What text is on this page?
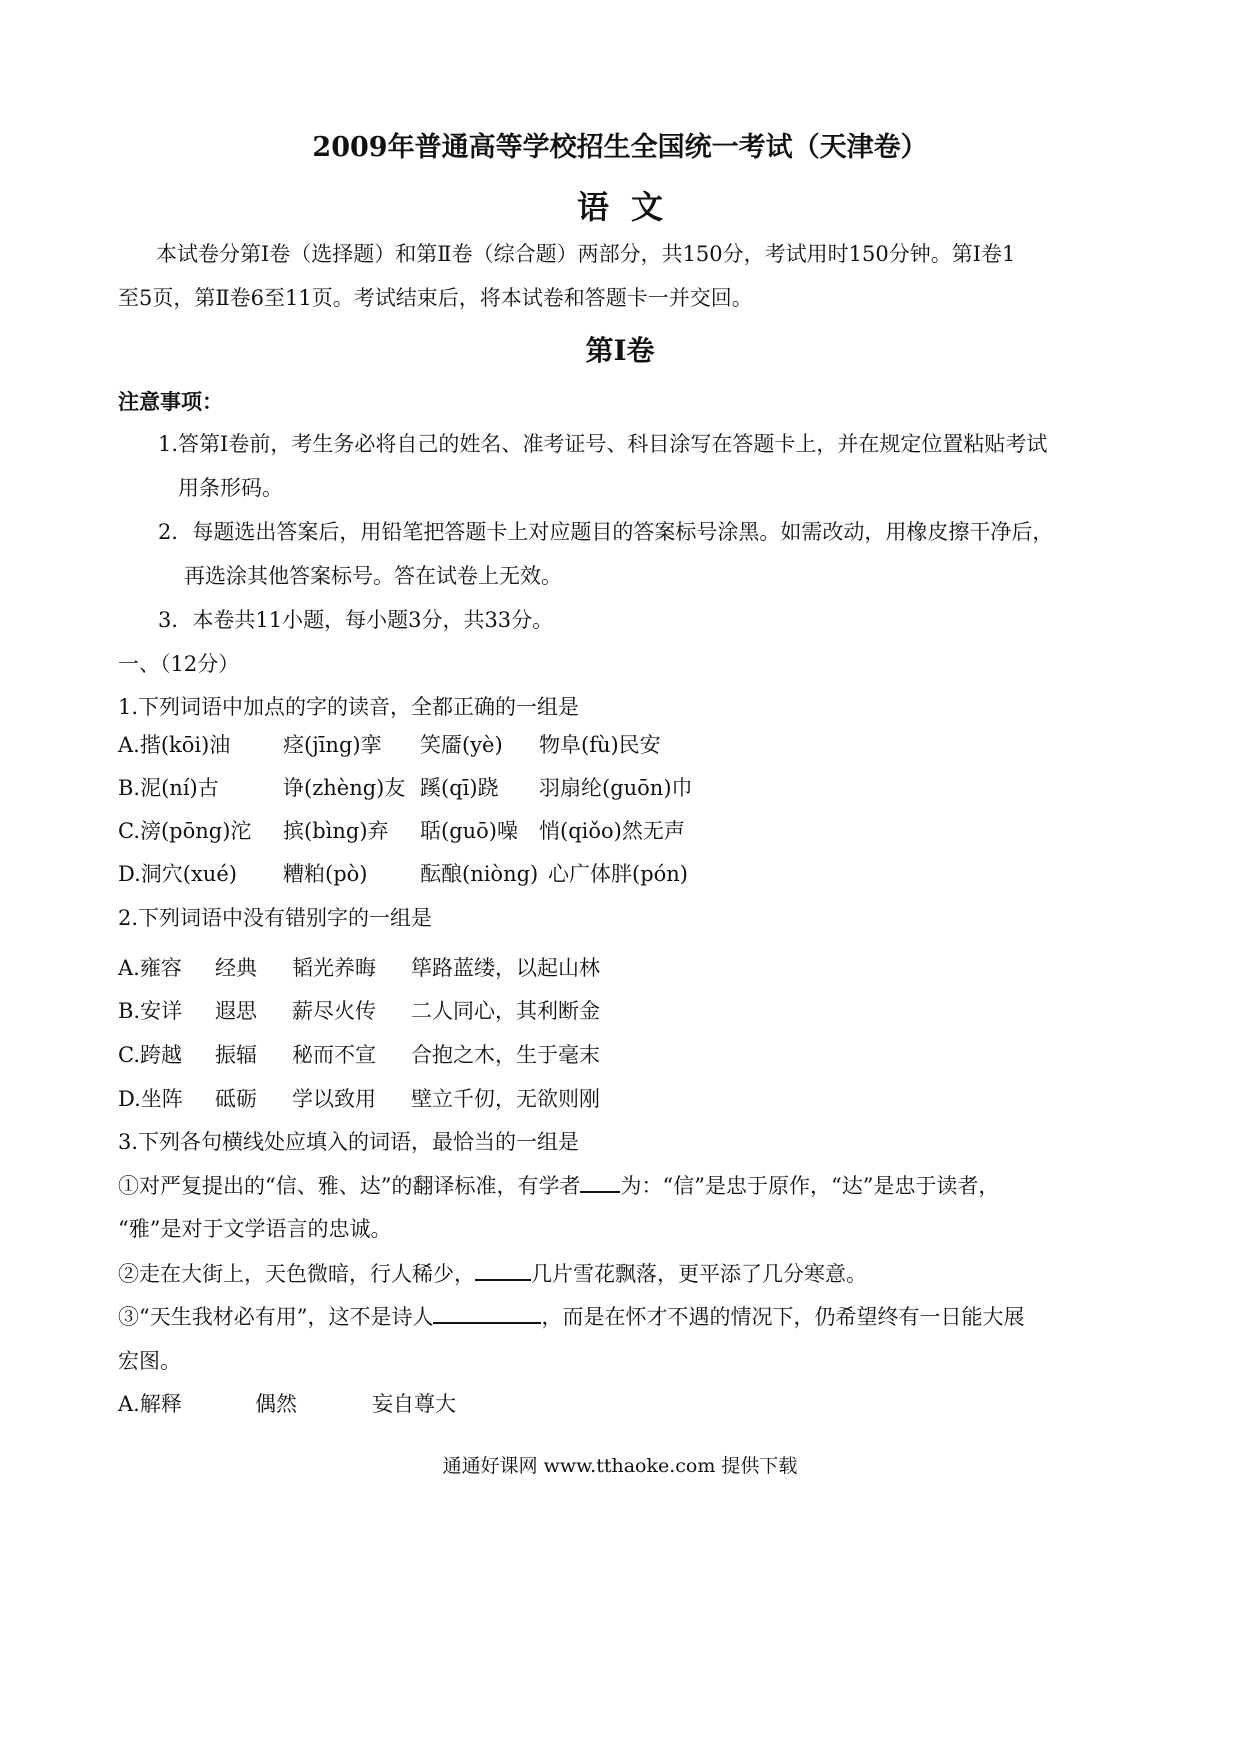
2009年普通高等学校招生全国统一考试（天津卷）
语文
本试卷分第Ⅰ卷（选择题）和第Ⅱ卷（综合题）两部分，共150分，考试用时150分钟。第Ⅰ卷1
至5页，第Ⅱ卷6至11页。考试结束后，将本试卷和答题卡一并交回。
第Ⅰ卷
注意事项：
1.答第Ⅰ卷前，考生务必将自己的姓名、准考证号、科目涂写在答题卡上，并在规定位置粘贴考试
用条形码。
2．每题选出答案后，用铅笔把答题卡上对应题目的答案标号涂黑。如需改动，用橡皮擦干净后，
再选涂其他答案标号。答在试卷上无效。
3．本卷共11小题，每小题3分，共33分。
一、（12分）
1.下列词语中加点的字的读音，全都正确的一组是
A.揩(kōi)油	痉(jīng)挛 笑靥(yè) 物阜(fù)民安
B.泥(ní)古	诤(zhèng)友 蹊(qī)跷 羽扇纶(guōn)巾
C.滂(pōng)沱 摈(bìng)弃 聒(guō)噪 悄(qiǒo)然无声
D.洞穴(xué) 糟粕(pò)	酝酿(niòng) 心广体胖(pón)
2.下列词语中没有错别字的一组是
A.雍容 经典 韬光养晦 筚路蓝缕，以起山林
B.安详 遐思 薪尽火传 二人同心，其利断金
C.跨越 振辐 秘而不宣 合抱之木，生于毫末
D.坐阵 砥砺 学以致用 壁立千仞，无欲则刚
3.下列各句横线处应填入的词语，最恰当的一组是
①对严复提出的“信、雅、达”的翻译标准，有学者 为：“信”是忠于原作，“达”是忠于读者，
“雅”是对于文学语言的忠诚。
②走在大街上，天色微暗，行人稀少，	几片雪花飘落，更平添了几分寒意。
③“天生我材必有用”，这不是诗人	，而是在怀才不遇的情况下，仍希望终有一日能大展
宏图。
A.解释	偶然	妄自尊大
通通好课网 www.tthaoke.com 提供下载
